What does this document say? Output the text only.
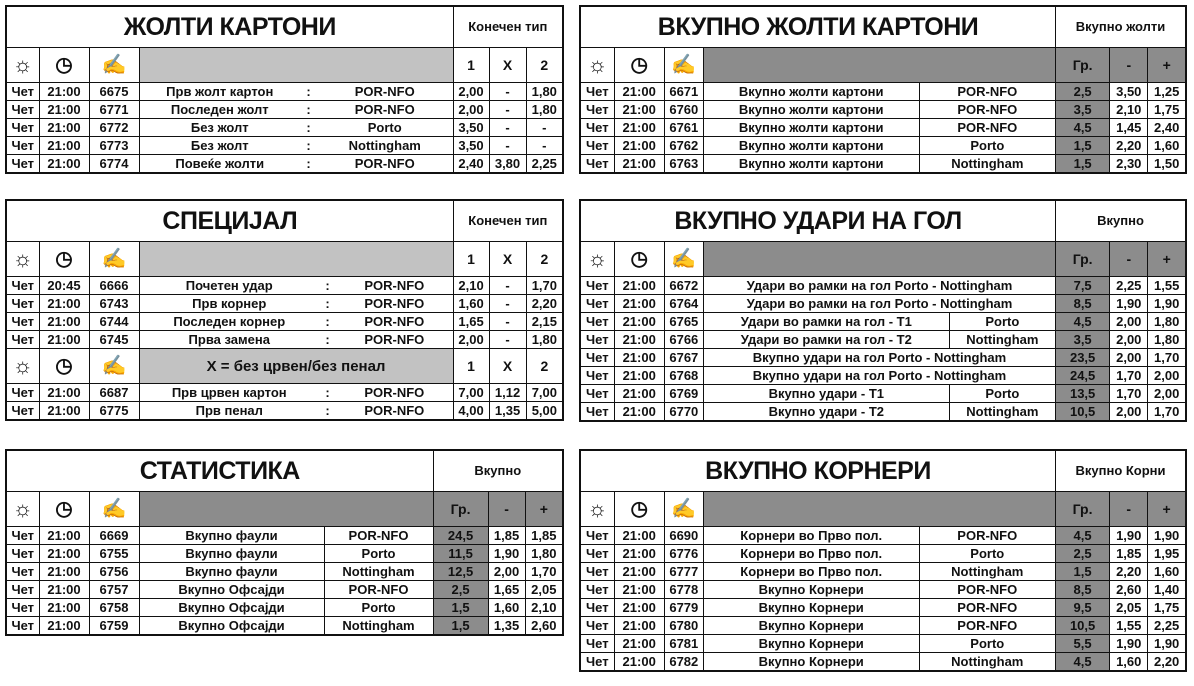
ЖОЛТИ КАРТОНИ						Конечен тип		
☼	◷	✍				1	X	2
Чет	21:00	6675	Прв жолт картон	:	POR-NFO	2,00	-	1,80
Чет	21:00	6771	Последен жолт	:	POR-NFO	2,00	-	1,80
Чет	21:00	6772	Без жолт	:	Porto	3,50	-	-
Чет	21:00	6773	Без жолт	:	Nottingham	3,50	-	-
Чет	21:00	6774	Повеќе жолти	:	POR-NFO	2,40	3,80	2,25
ВКУПНО ЖОЛТИ КАРТОНИ					Вкупно жолти		
☼	◷	✍			Гр.	-	+
Чет	21:00	6671	Вкупно жолти картони	POR-NFO	2,5	3,50	1,25
Чет	21:00	6760	Вкупно жолти картони	POR-NFO	3,5	2,10	1,75
Чет	21:00	6761	Вкупно жолти картони	POR-NFO	4,5	1,45	2,40
Чет	21:00	6762	Вкупно жолти картони	Porto	1,5	2,20	1,60
Чет	21:00	6763	Вкупно жолти картони	Nottingham	1,5	2,30	1,50
СПЕЦИЈАЛ						Конечен тип		
☼	◷	✍				1	X	2
Чет	20:45	6666	Почетен удар	:	POR-NFO	2,10	-	1,70
Чет	21:00	6743	Прв корнер	:	POR-NFO	1,60	-	2,20
Чет	21:00	6744	Последен корнер	:	POR-NFO	1,65	-	2,15
Чет	21:00	6745	Прва замена	:	POR-NFO	2,00	-	1,80
☼	◷	✍	X = без црвен/без пенал			1	X	2
Чет	21:00	6687	Прв црвен картон	:	POR-NFO	7,00	1,12	7,00
Чет	21:00	6775	Прв пенал	:	POR-NFO	4,00	1,35	5,00
ВКУПНО УДАРИ НА ГОЛ					Вкупно		
☼	◷	✍			Гр.	-	+
Чет	21:00	6672	Удари во рамки на гол Porto - Nottingham		7,5	2,25	1,55
Чет	21:00	6764	Удари во рамки на гол Porto - Nottingham		8,5	1,90	1,90
Чет	21:00	6765	Удари во рамки на гол - Т1	Porto	4,5	2,00	1,80
Чет	21:00	6766	Удари во рамки на гол - Т2	Nottingham	3,5	2,00	1,80
Чет	21:00	6767	Вкупно удари на гол Porto - Nottingham		23,5	2,00	1,70
Чет	21:00	6768	Вкупно удари на гол Porto - Nottingham		24,5	1,70	2,00
Чет	21:00	6769	Вкупно удари - Т1	Porto	13,5	1,70	2,00
Чет	21:00	6770	Вкупно удари - Т2	Nottingham	10,5	2,00	1,70
СТАТИСТИКА					Вкупно		
☼	◷	✍			Гр.	-	+
Чет	21:00	6669	Вкупно фаули	POR-NFO	24,5	1,85	1,85
Чет	21:00	6755	Вкупно фаули	Porto	11,5	1,90	1,80
Чет	21:00	6756	Вкупно фаули	Nottingham	12,5	2,00	1,70
Чет	21:00	6757	Вкупно Офсајди	POR-NFO	2,5	1,65	2,05
Чет	21:00	6758	Вкупно Офсајди	Porto	1,5	1,60	2,10
Чет	21:00	6759	Вкупно Офсајди	Nottingham	1,5	1,35	2,60
ВКУПНО КОРНЕРИ					Вкупно Корни		
☼	◷	✍			Гр.	-	+
Чет	21:00	6690	Корнери во Прво пол.	POR-NFO	4,5	1,90	1,90
Чет	21:00	6776	Корнери во Прво пол.	Porto	2,5	1,85	1,95
Чет	21:00	6777	Корнери во Прво пол.	Nottingham	1,5	2,20	1,60
Чет	21:00	6778	Вкупно Корнери	POR-NFO	8,5	2,60	1,40
Чет	21:00	6779	Вкупно Корнери	POR-NFO	9,5	2,05	1,75
Чет	21:00	6780	Вкупно Корнери	POR-NFO	10,5	1,55	2,25
Чет	21:00	6781	Вкупно Корнери	Porto	5,5	1,90	1,90
Чет	21:00	6782	Вкупно Корнери	Nottingham	4,5	1,60	2,20
